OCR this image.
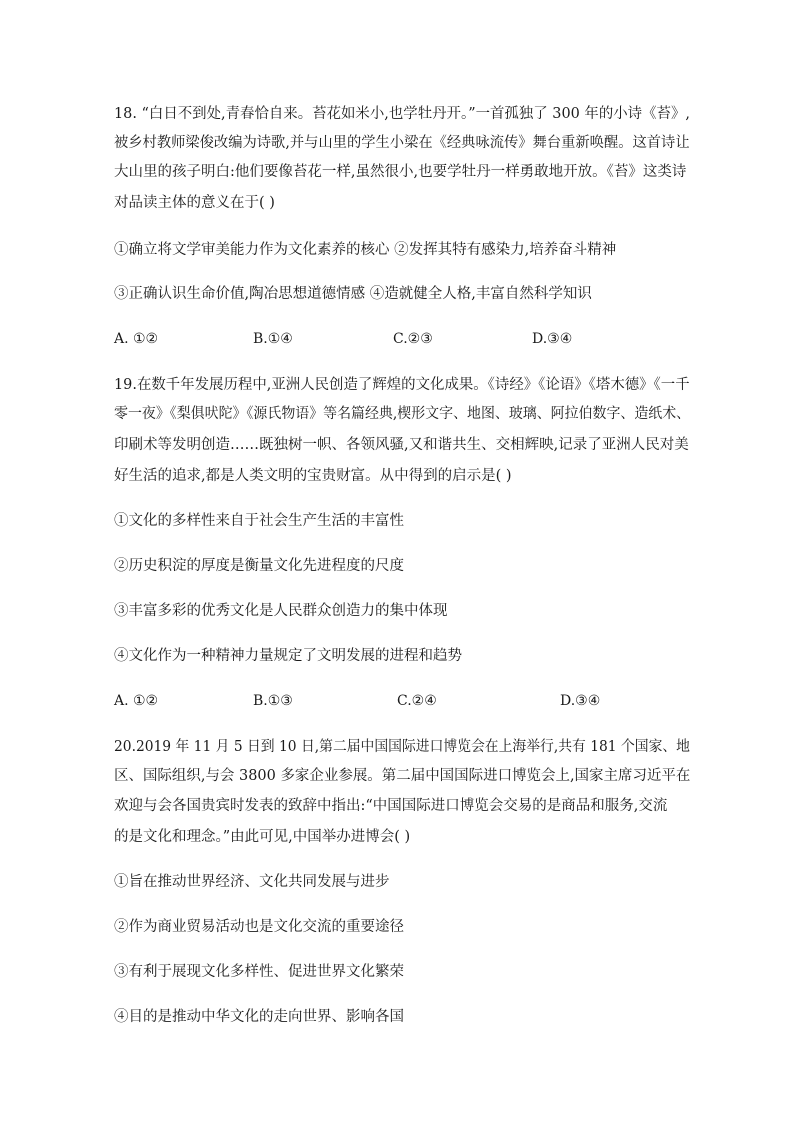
18. “白日不到处,青春恰自来。苔花如米小,也学牡丹开。”一首孤独了 300 年的小诗《苔》,
被乡村教师梁俊改编为诗歌,并与山里的学生小梁在《经典咏流传》舞台重新唤醒。这首诗让
大山里的孩子明白:他们要像苔花一样,虽然很小,也要学牡丹一样勇敢地开放。《苔》这类诗
对品读主体的意义在于( )
①确立将文学审美能力作为文化素养的核心 ②发挥其特有感染力,培养奋斗精神
③正确认识生命价值,陶冶思想道德情感 ④造就健全人格,丰富自然科学知识
A. ①②	B.①④	C.②③	D.③④
19.在数千年发展历程中,亚洲人民创造了辉煌的文化成果。《诗经》《论语》《塔木德》《一千
零一夜》《梨俱吠陀》《源氏物语》等名篇经典,楔形文字、地图、玻璃、阿拉伯数字、造纸术、
印刷术等发明创造……既独树一帜、各领风骚,又和谐共生、交相辉映,记录了亚洲人民对美
好生活的追求,都是人类文明的宝贵财富。从中得到的启示是( )
①文化的多样性来自于社会生产生活的丰富性
②历史积淀的厚度是衡量文化先进程度的尺度
③丰富多彩的优秀文化是人民群众创造力的集中体现
④文化作为一种精神力量规定了文明发展的进程和趋势
A. ①②	B.①③	C.②④	D.③④
20.2019 年 11 月 5 日到 10 日,第二届中国国际进口博览会在上海举行,共有 181 个国家、地
区、国际组织,与会 3800 多家企业参展。第二届中国国际进口博览会上,国家主席习近平在
欢迎与会各国贵宾时发表的致辞中指出:“中国国际进口博览会交易的是商品和服务,交流
的是文化和理念。”由此可见,中国举办进博会( )
①旨在推动世界经济、文化共同发展与进步
②作为商业贸易活动也是文化交流的重要途径
③有利于展现文化多样性、促进世界文化繁荣
④目的是推动中华文化的走向世界、影响各国
